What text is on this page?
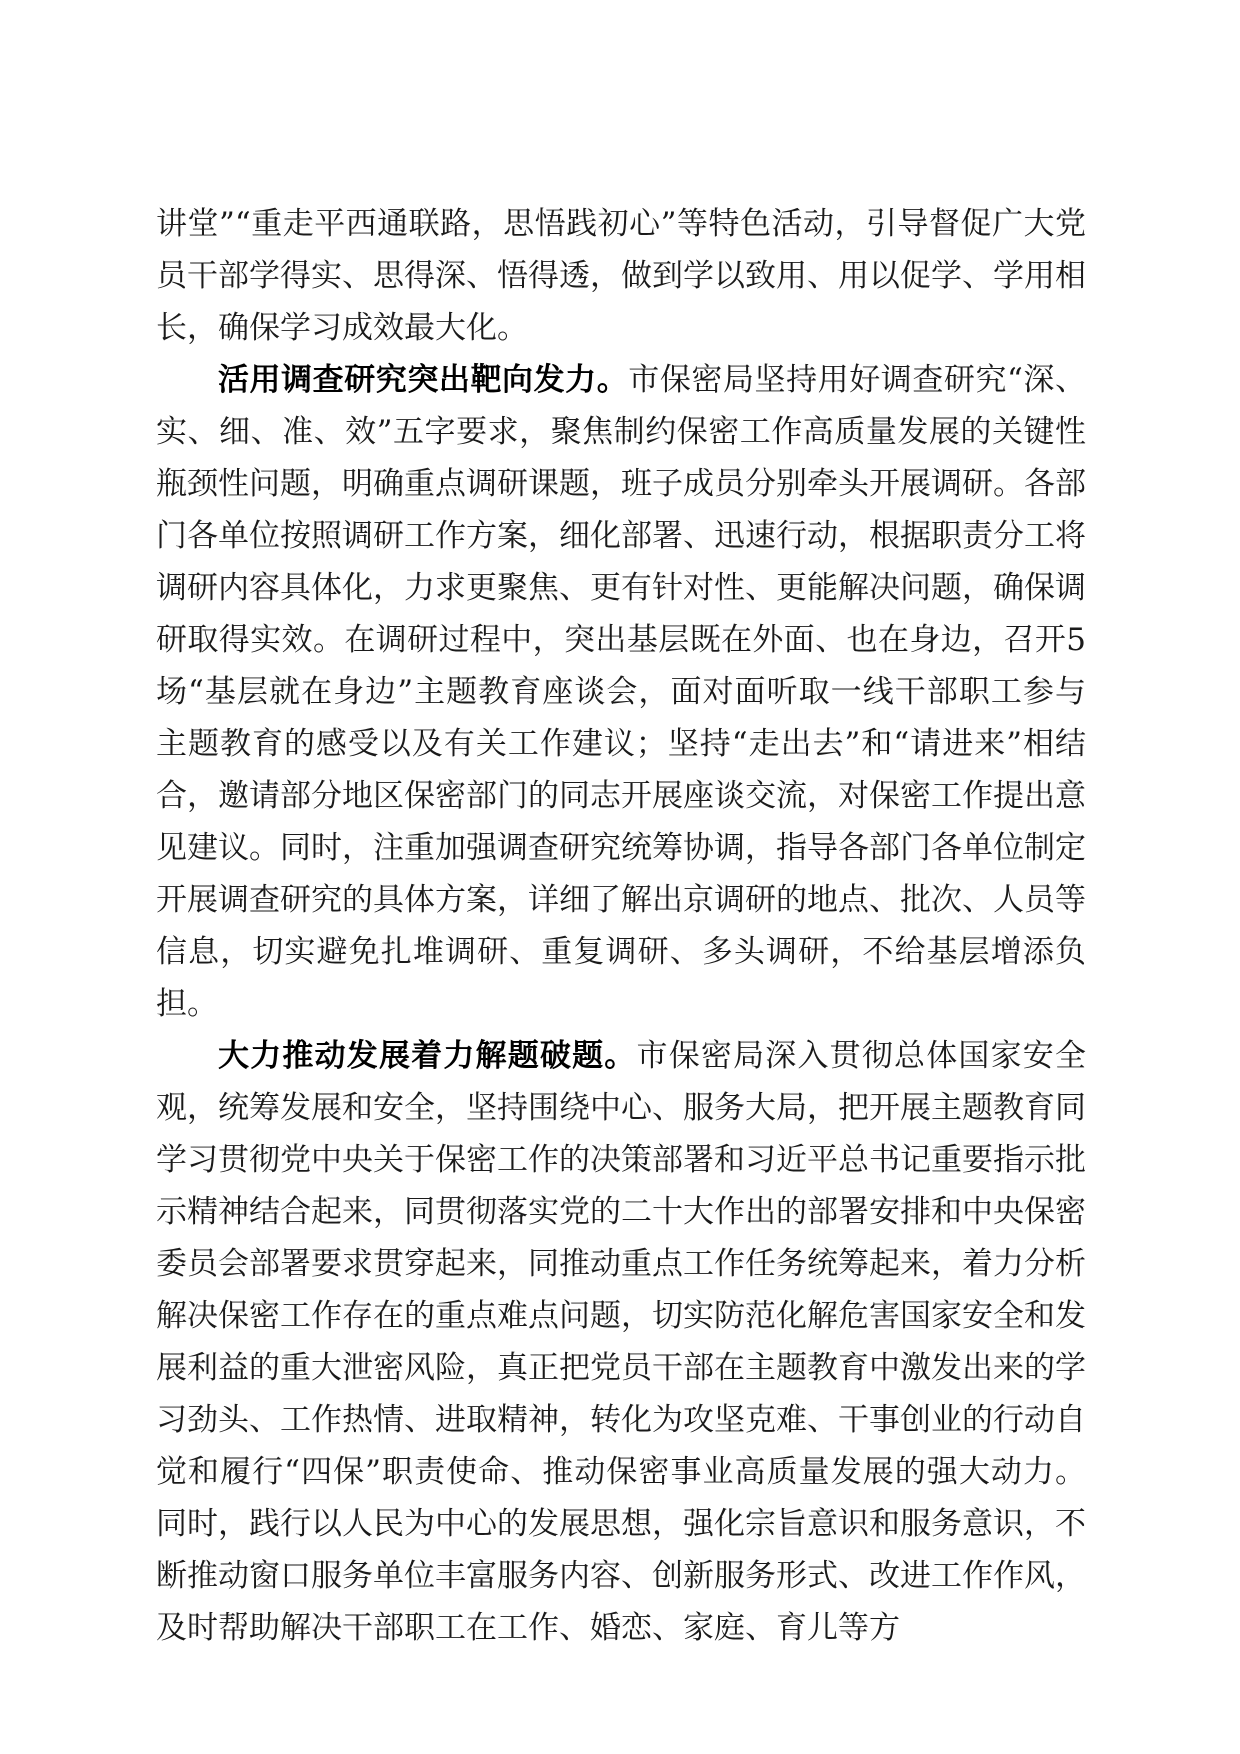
讲堂”“重走平西通联路，思悟践初心”等特色活动，引导督促广大党员干部学得实、思得深、悟得透，做到学以致用、用以促学、学用相长，确保学习成效最大化。

活用调查研究突出靶向发力。市保密局坚持用好调查研究“深、实、细、准、效”五字要求，聚焦制约保密工作高质量发展的关键性瓶颈性问题，明确重点调研课题，班子成员分别牵头开展调研。各部门各单位按照调研工作方案，细化部署、迅速行动，根据职责分工将调研内容具体化，力求更聚焦、更有针对性、更能解决问题，确保调研取得实效。在调研过程中，突出基层既在外面、也在身边，召开5场“基层就在身边”主题教育座谈会，面对面听取一线干部职工参与主题教育的感受以及有关工作建议；坚持“走出去”和“请进来”相结合，邀请部分地区保密部门的同志开展座谈交流，对保密工作提出意见建议。同时，注重加强调查研究统筹协调，指导各部门各单位制定开展调查研究的具体方案，详细了解出京调研的地点、批次、人员等信息，切实避免扎堆调研、重复调研、多头调研，不给基层增添负担。

大力推动发展着力解题破题。市保密局深入贯彻总体国家安全观，统筹发展和安全，坚持围绕中心、服务大局，把开展主题教育同学习贯彻党中央关于保密工作的决策部署和习近平总书记重要指示批示精神结合起来，同贯彻落实党的二十大作出的部署安排和中央保密委员会部署要求贯穿起来，同推动重点工作任务统筹起来，着力分析解决保密工作存在的重点难点问题，切实防范化解危害国家安全和发展利益的重大泄密风险，真正把党员干部在主题教育中激发出来的学习劲头、工作热情、进取精神，转化为攻坚克难、干事创业的行动自觉和履行“四保”职责使命、推动保密事业高质量发展的强大动力。同时，践行以人民为中心的发展思想，强化宗旨意识和服务意识，不断推动窗口服务单位丰富服务内容、创新服务形式、改进工作作风，及时帮助解决干部职工在工作、婚恋、家庭、育儿等方
